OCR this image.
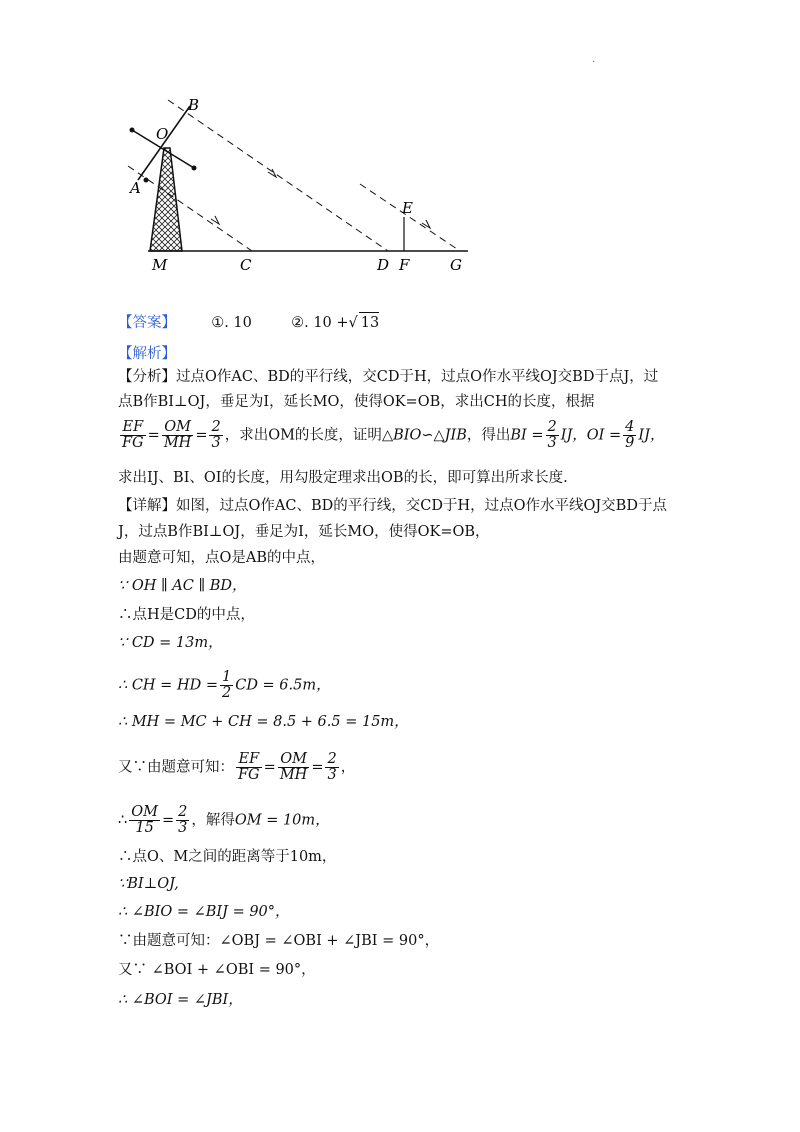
.
B
O
A
E
M	C	D F	G
【答案】 ①. 10	②. 10 +√ 13
【解析】
【分析】过点O作AC、BD的平行线，交CD于H，过点O作水平线OJ交BD于点J，过
点B作BI⊥OJ，垂足为I，延长MO，使得OK=OB，求出CH的长度，根据
$\frac{EF}{FG} = \frac{OM}{MH} = \frac{2}{3}$ ，求出OM的长度，证明△BIO∽△JIB，得出BI = $\frac{2}{3}$ IJ，OI = $\frac{4}{9}$ IJ，
求出IJ、BI、OI的长度，用勾股定理求出OB的长，即可算出所求长度.
【详解】如图，过点O作AC、BD的平行线，交CD于H，过点O作水平线OJ交BD于点
J，过点B作BI⊥OJ，垂足为I，延长MO，使得OK=OB，
由题意可知，点O是AB的中点，
∵ OH ∥ AC ∥ BD，
∴点H是CD的中点，
∵ CD = 13m，
∴ CH = HD = $\frac{1}{2}$ CD = 6.5m，
∴ MH = MC + CH = 8.5 + 6.5 = 15m，
又∵由题意可知： $\frac{EF}{FG} = \frac{OM}{MH} = \frac{2}{3}$ ，
∴ $\frac{OM}{15} = \frac{2}{3}$ ，解得OM = 10m，
∴点O、M之间的距离等于10m，
∵BI⊥OJ,
∴ ∠BIO = ∠BIJ = 90°，
∵由题意可知：∠OBJ = ∠OBI + ∠JBI = 90°，
又∵ ∠BOI + ∠OBI = 90°，
∴ ∠BOI = ∠JBI，
